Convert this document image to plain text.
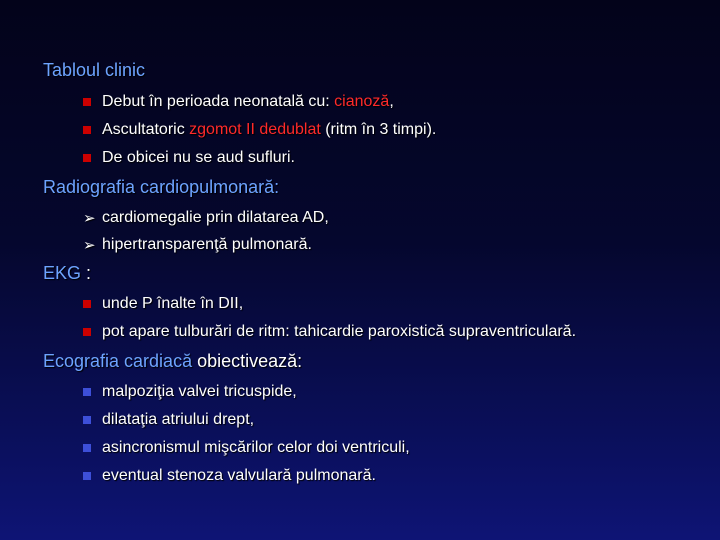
Tabloul clinic
Debut în perioada neonatală cu: cianoză,
Ascultatoric zgomot II dedublat (ritm în 3 timpi).
De obicei nu se aud sufluri.
Radiografia cardiopulmonară:
➢ cardiomegalie prin dilatarea AD,
➢ hipertransparenţă pulmonară.
EKG :
unde P înalte în DII,
pot apare tulburări de ritm: tahicardie paroxistică supraventriculară.
Ecografia cardiacă obiectivează:
malpoziţia valvei tricuspide,
dilataţia atriului drept,
asincronismul mişcărilor celor doi ventriculi,
eventual stenoza valvulară pulmonară.
